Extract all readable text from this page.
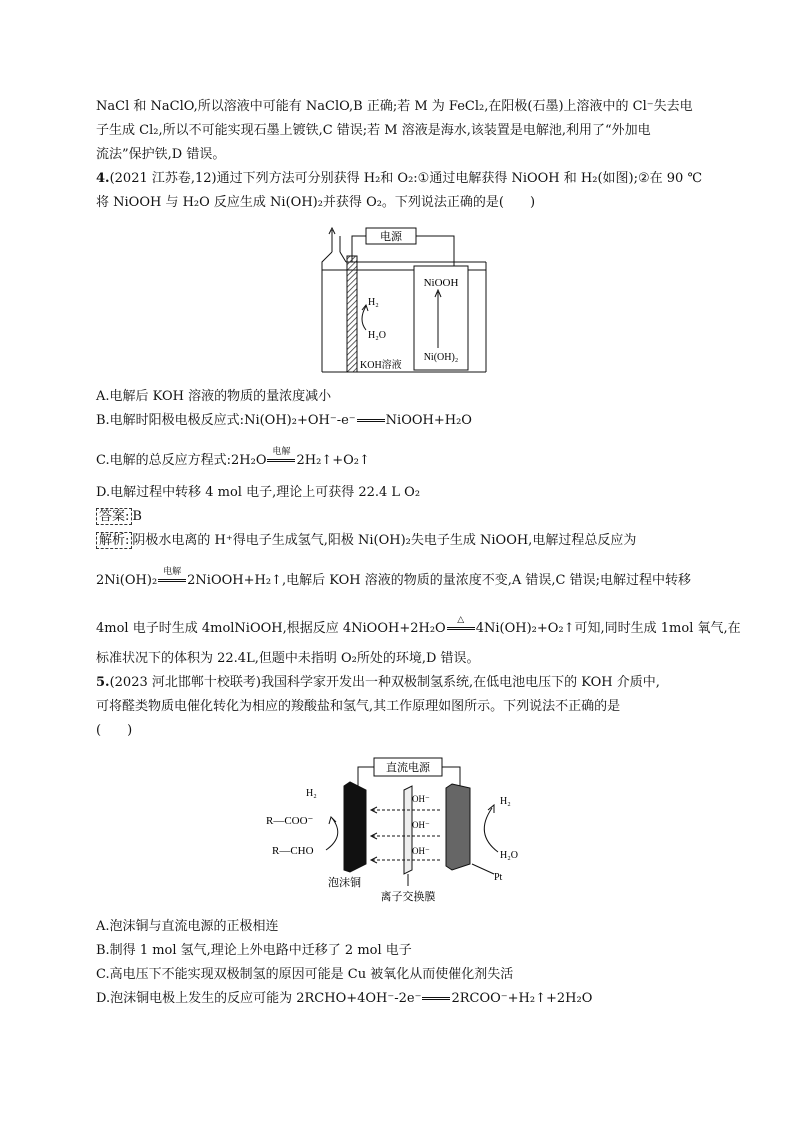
NaCl 和 NaClO,所以溶液中可能有 NaClO,B 正确;若 M 为 FeCl₂,在阳极(石墨)上溶液中的 Cl⁻失去电
子生成 Cl₂,所以不可能实现石墨上镀铁,C 错误;若 M 溶液是海水,该装置是电解池,利用了“外加电
流法”保护铁,D 错误。
4.(2021 江苏卷,12)通过下列方法可分别获得 H₂和 O₂:①通过电解获得 NiOOH 和 H₂(如图);②在 90 ℃
将 NiOOH 与 H₂O 反应生成 Ni(OH)₂并获得 O₂。下列说法正确的是(　　)
电源
NiOOH
Ni(OH)₂
H₂
H₂O
KOH溶液
A.电解后 KOH 溶液的物质的量浓度减小
B.电解时阳极电极反应式:Ni(OH)₂+OH⁻-e⁻ NiOOH+H₂O
C.电解的总反应方程式:2H₂O
电解
2H₂↑+O₂↑
D.电解过程中转移 4 mol 电子,理论上可获得 22.4 L O₂
答案: B
解析: 阴极水电离的 H⁺得电子生成氢气,阳极 Ni(OH)₂失电子生成 NiOOH,电解过程总反应为
2Ni(OH)₂
电解
2NiOOH+H₂↑,电解后 KOH 溶液的物质的量浓度不变,A 错误,C 错误;电解过程中转移
4mol 电子时生成 4molNiOOH,根据反应 4NiOOH+2H₂O
△
4Ni(OH)₂+O₂↑可知,同时生成 1mol 氧气,在
标准状况下的体积为 22.4L,但题中未指明 O₂所处的环境,D 错误。
5.(2023 河北邯郸十校联考)我国科学家开发出一种双极制氢系统,在低电池电压下的 KOH 介质中,
可将醛类物质电催化转化为相应的羧酸盐和氢气,其工作原理如图所示。下列说法不正确的是
(　　)
直流电源
OH⁻
OH⁻
OH⁻
H₂
R—COO⁻
R—CHO
H₂
H₂O
Pt
泡沫铜
离子交换膜
A.泡沫铜与直流电源的正极相连
B.制得 1 mol 氢气,理论上外电路中迁移了 2 mol 电子
C.高电压下不能实现双极制氢的原因可能是 Cu 被氧化从而使催化剂失活
D.泡沫铜电极上发生的反应可能为 2RCHO+4OH⁻-2e⁻ 2RCOO⁻+H₂↑+2H₂O
